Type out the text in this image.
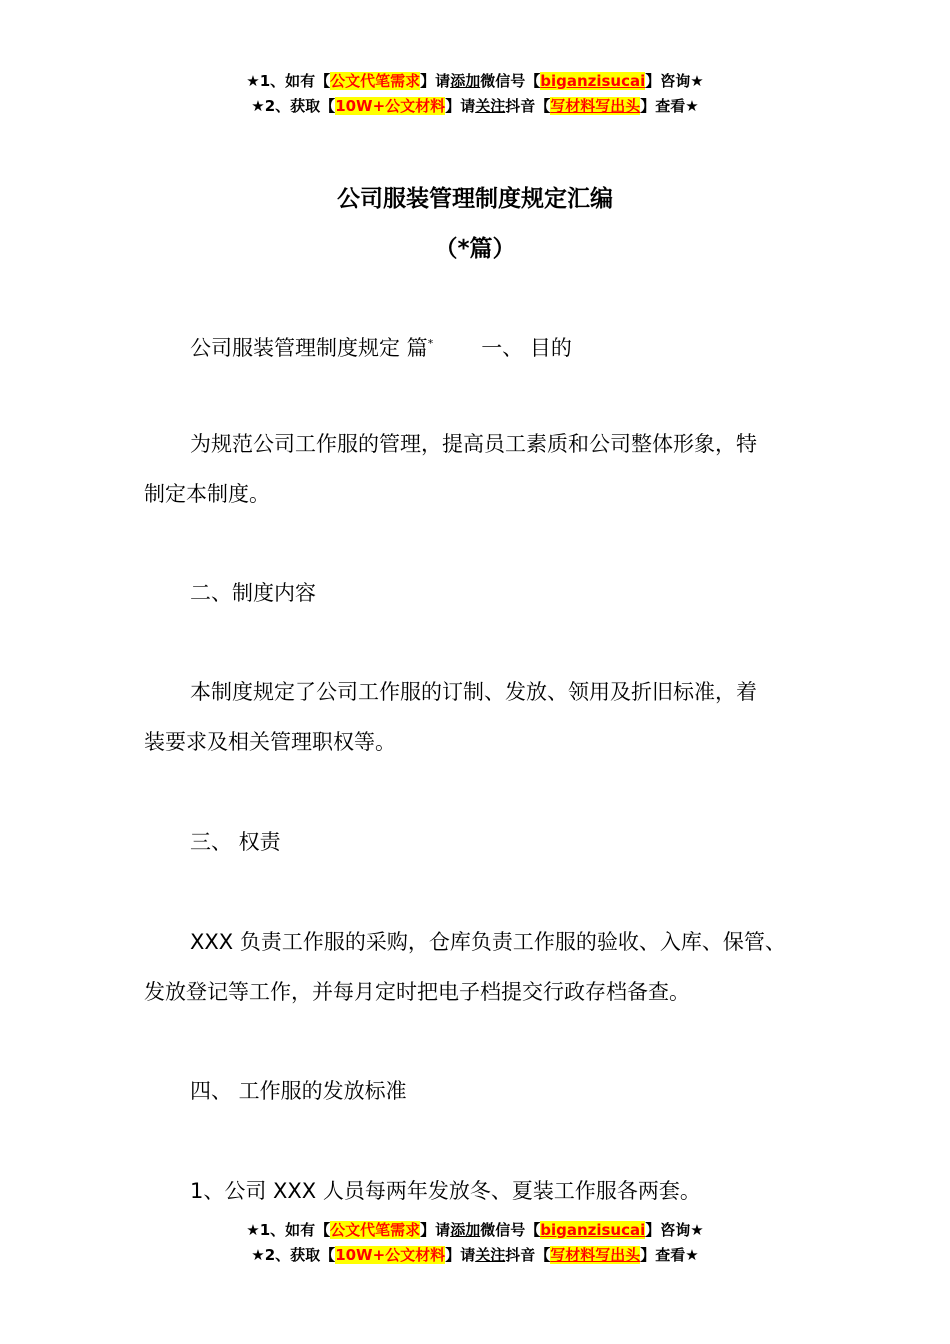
★1、如有【公文代笔需求】请添加微信号【biganzisucai】咨询★
★2、获取【10W+公文材料】请关注抖音【写材料写出头】查看★
公司服装管理制度规定汇编
（*篇）
公司服装管理制度规定 篇* 一、 目的
为规范公司工作服的管理，提高员工素质和公司整体形象，特
制定本制度。
二、制度内容
本制度规定了公司工作服的订制、发放、领用及折旧标准，着
装要求及相关管理职权等。
三、 权责
XXX 负责工作服的采购，仓库负责工作服的验收、入库、保管、
发放登记等工作，并每月定时把电子档提交行政存档备查。
四、 工作服的发放标准
1、公司 XXX 人员每两年发放冬、夏装工作服各两套。
★1、如有【公文代笔需求】请添加微信号【biganzisucai】咨询★
★2、获取【10W+公文材料】请关注抖音【写材料写出头】查看★
